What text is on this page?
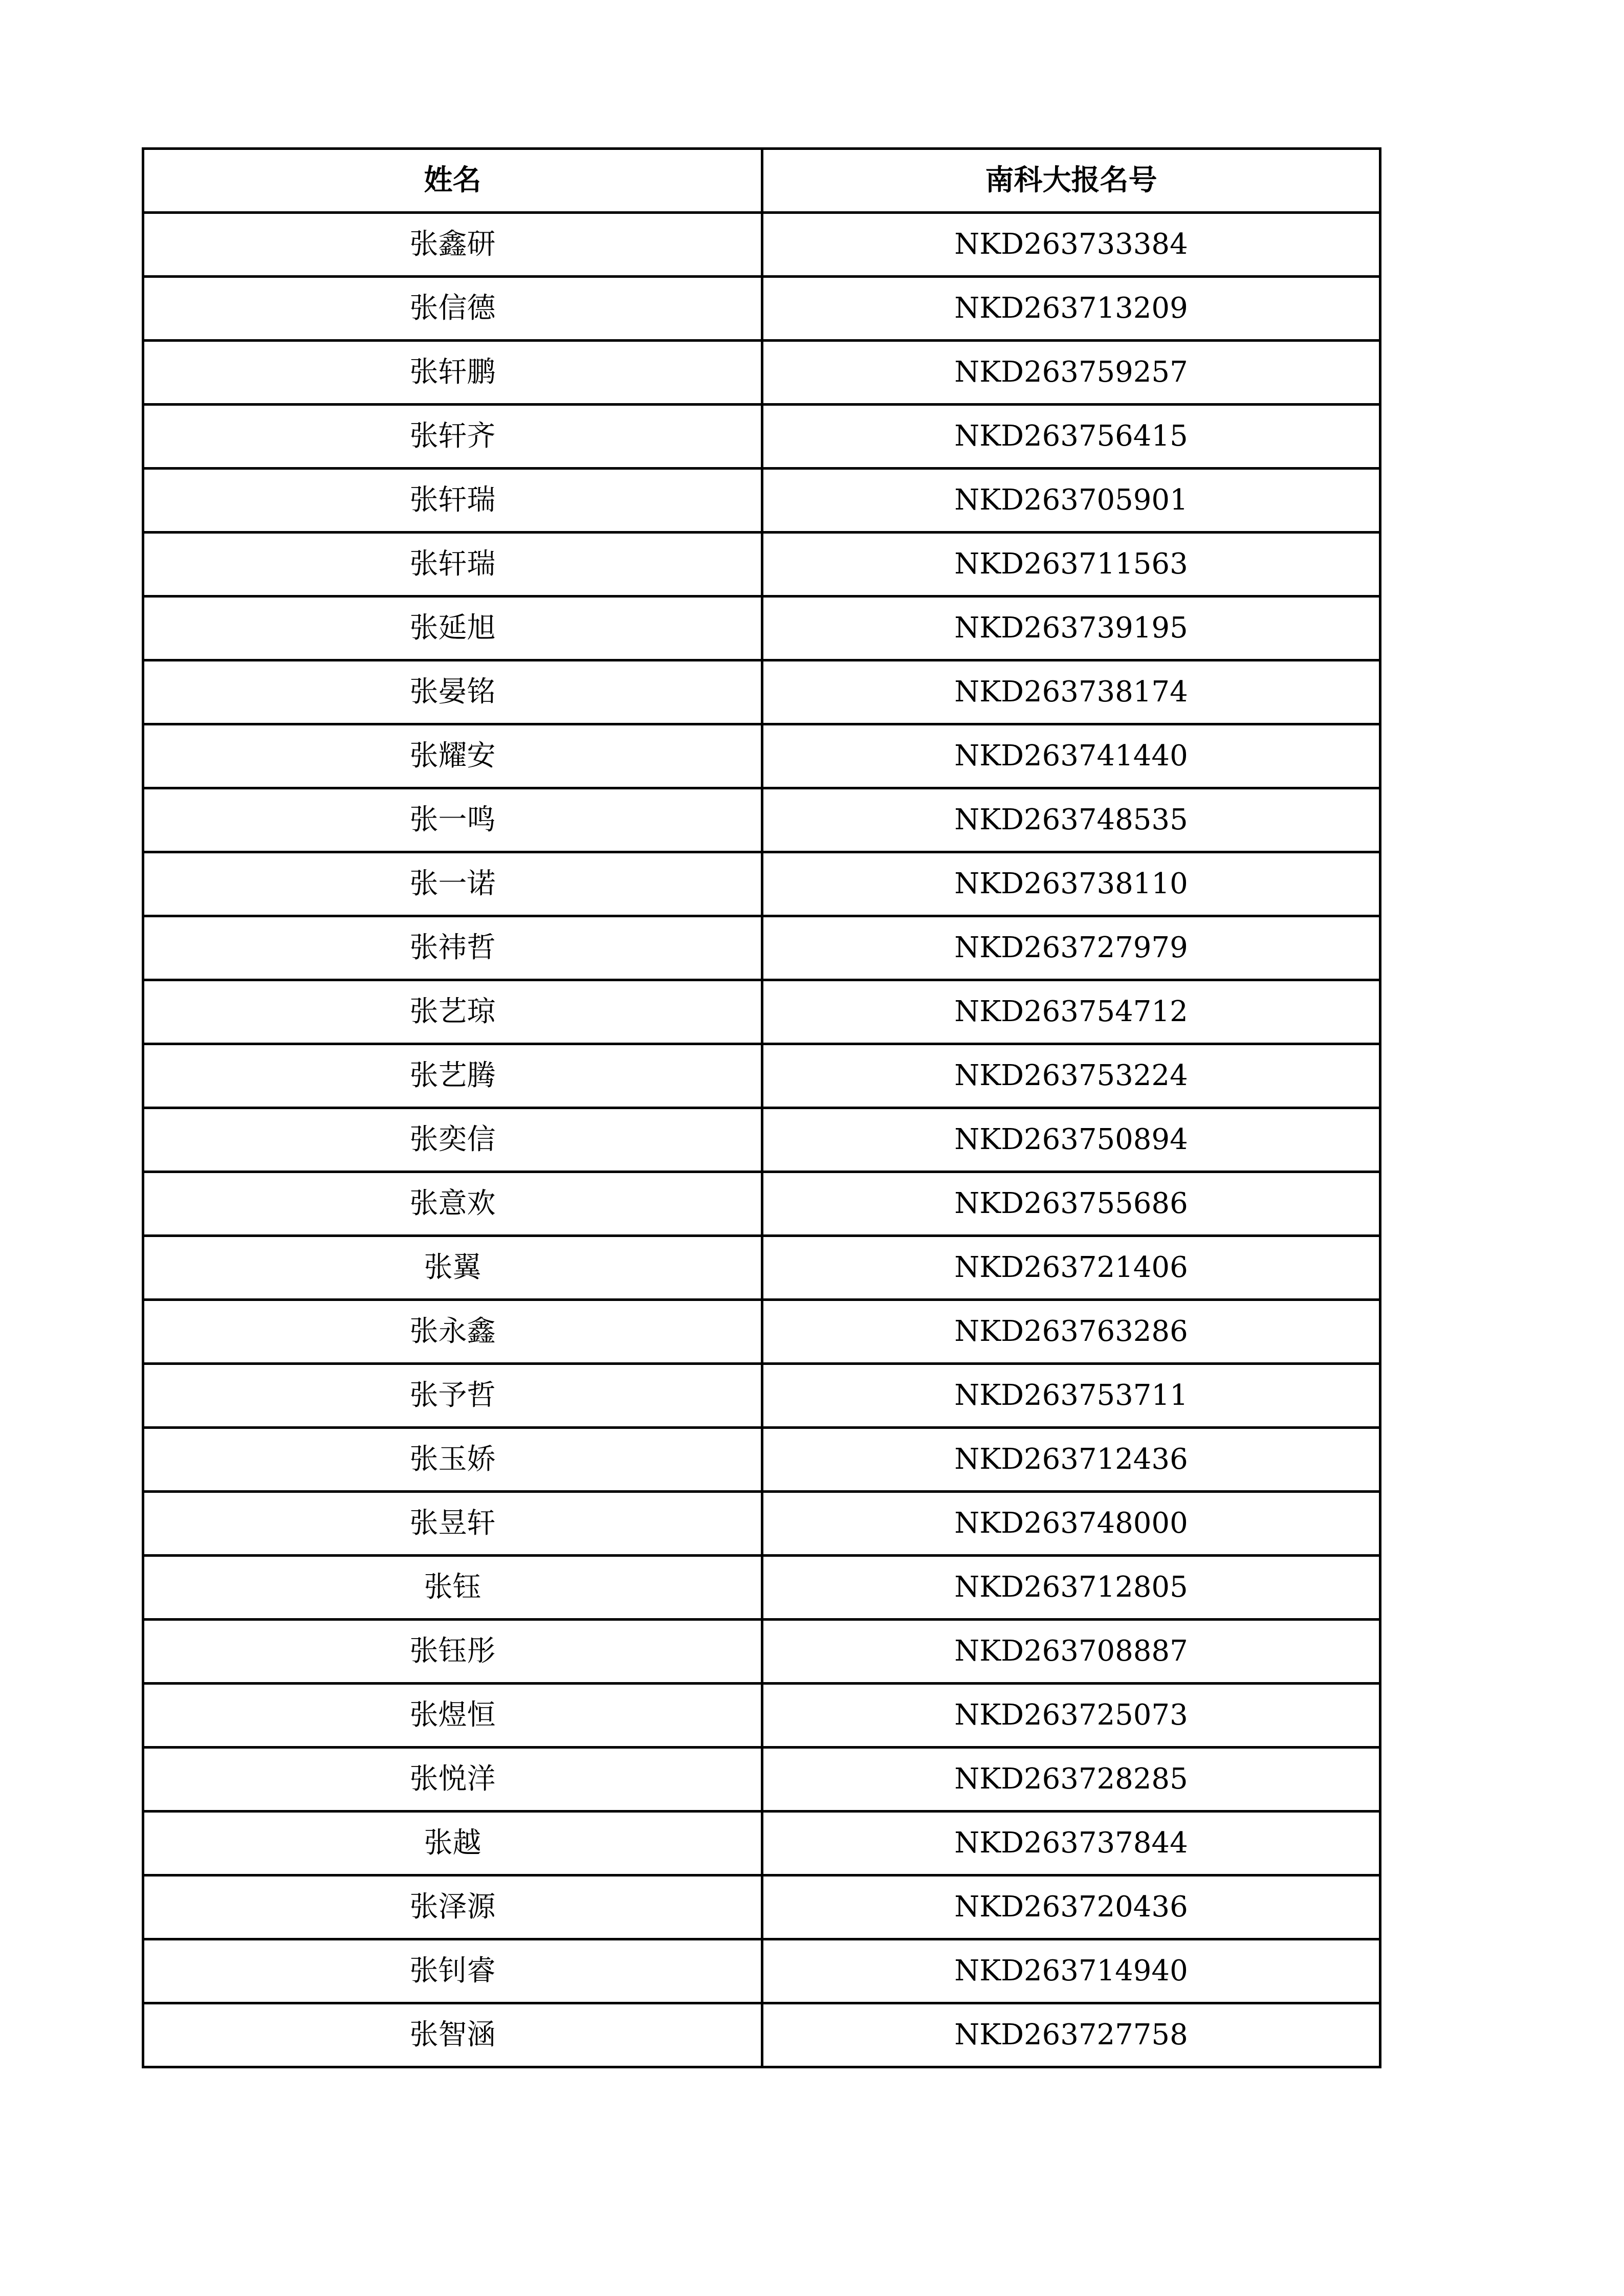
姓名	南科大报名号
张鑫研	NKD263733384
张信德	NKD263713209
张轩鹏	NKD263759257
张轩齐	NKD263756415
张轩瑞	NKD263705901
张轩瑞	NKD263711563
张延旭	NKD263739195
张晏铭	NKD263738174
张耀安	NKD263741440
张一鸣	NKD263748535
张一诺	NKD263738110
张祎哲	NKD263727979
张艺琼	NKD263754712
张艺腾	NKD263753224
张奕信	NKD263750894
张意欢	NKD263755686
张翼	NKD263721406
张永鑫	NKD263763286
张予哲	NKD263753711
张玉娇	NKD263712436
张昱轩	NKD263748000
张钰	NKD263712805
张钰彤	NKD263708887
张煜恒	NKD263725073
张悦洋	NKD263728285
张越	NKD263737844
张泽源	NKD263720436
张钊睿	NKD263714940
张智涵	NKD263727758
